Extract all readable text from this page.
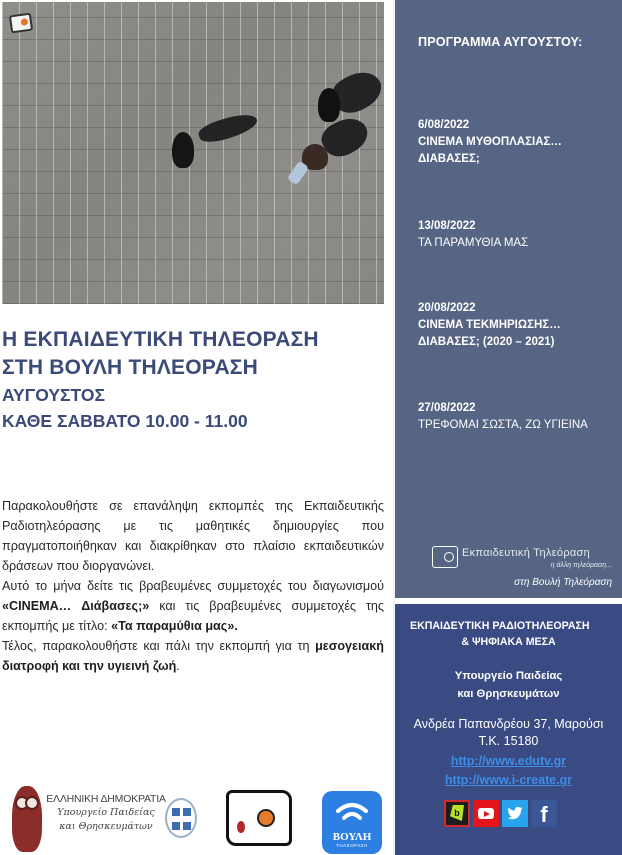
Η ΕΚΠΑΙΔΕΥΤΙΚΗ ΤΗΛΕΟΡΑΣΗ
ΣΤΗ ΒΟΥΛΗ ΤΗΛΕΟΡΑΣΗ
ΑΥΓΟΥΣΤΟΣ
ΚΑΘΕ ΣΑΒΒΑΤΟ 10.00 - 11.00

Παρακολουθήστε σε επανάληψη εκπομπές της Εκπαιδευτικής Ραδιοτηλεόρασης με τις μαθητικές δημιουργίες που πραγματοποιήθηκαν και διακρίθηκαν στο πλαίσιο εκπαιδευτικών δράσεων που διοργανώνει.

Αυτό το μήνα δείτε τις βραβευμένες συμμετοχές του διαγωνισμού «CINEMA… Διάβασες;» και τις βραβευμένες συμμετοχές της εκπομπής με τίτλο: «Τα παραμύθια μας».

Τέλος, παρακολουθήστε και πάλι την εκπομπή για τη μεσογειακή διατροφή και την υγιεινή ζωή.

ΕΛΛΗΝΙΚΗ ΔΗΜΟΚΡΑΤΙΑ
Υπουργείο Παιδείας
και Θρησκευμάτων
ΒΟΥΛΗ
ΤΗΛΕΟΡΑΣΗ
ΠΡΟΓΡΑΜΜΑ ΑΥΓΟΥΣΤΟΥ:
6/08/2022
CINEMA ΜΥΘΟΠΛΑΣΙΑΣ… ΔΙΑΒΑΣΕΣ;
13/08/2022
ΤΑ ΠΑΡΑΜΥΘΙΑ ΜΑΣ
20/08/2022
CINEMA ΤΕΚΜΗΡΙΩΣΗΣ… ΔΙΑΒΑΣΕΣ; (2020 – 2021)
27/08/2022
ΤΡΕΦΟΜΑΙ ΣΩΣΤΑ, ΖΩ ΥΓΙΕΙΝΑ
Εκπαιδευτική Τηλεόραση
η άλλη τηλεόραση...
στη Βουλή Τηλεόραση
ΕΚΠΑΙΔΕΥΤΙΚΗ ΡΑΔΙΟΤΗΛΕΟΡΑΣΗ
& ΨΗΦΙΑΚΑ ΜΕΣΑ
Υπουργείο Παιδείας
και Θρησκευμάτων
Ανδρέα Παπανδρέου 37, Μαρούσι
Τ.Κ. 15180
http://www.edutv.gr
http://www.i-create.gr
b
f
